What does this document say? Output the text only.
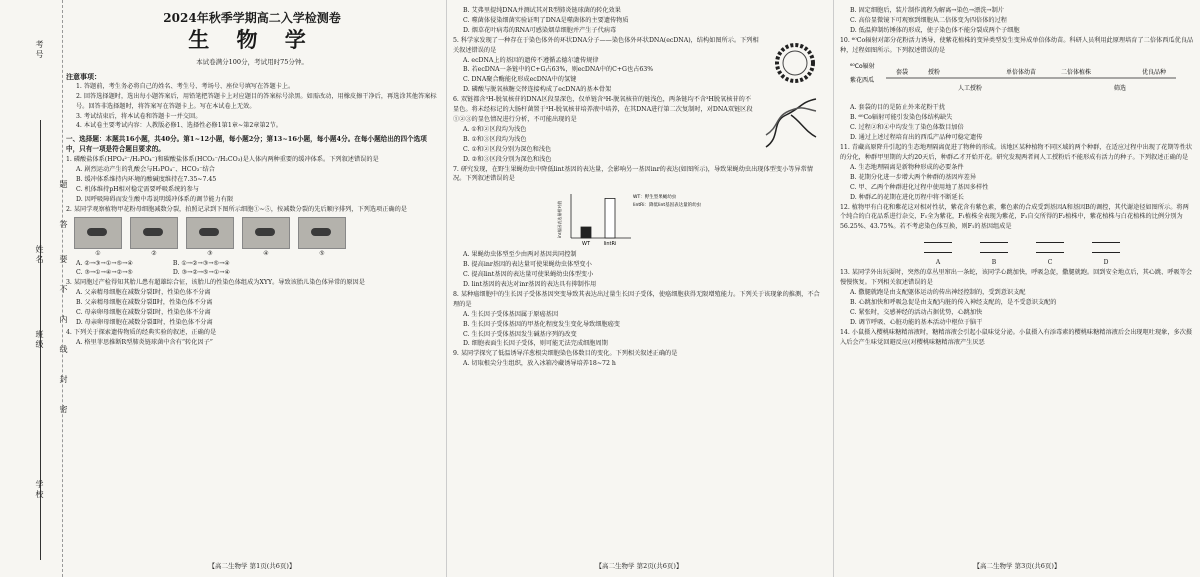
考号
题
姓名
答
要
不
内
线
封
密
班级
学校
2024年秋季学期高二入学检测卷
生 物 学
本试卷满分100分，考试用时75分钟。
注意事项：
1. 答题前，考生务必将自己的姓名、考生号、考场号、座位号填写在答题卡上。
2. 回答选择题时，选出每小题答案后，用铅笔把答题卡上对应题目的答案标号涂黑。如需改动，用橡皮擦干净后，再选涂其他答案标号。回答非选择题时，将答案写在答题卡上。写在本试卷上无效。
3. 考试结束后，将本试卷和答题卡一并交回。
4. 本试卷主要考试内容：人教版必修1、选择性必修1第1章~第2章第2节。
一、选择题：本题共16小题，共40分。第1~12小题，每小题2分；第13~16小题，每小题4分。在每小题给出的四个选项中，只有一项是符合题目要求的。
1. 磷酸盐体系(HPO₄²⁻/H₂PO₄⁻)和碳酸盐体系(HCO₃⁻/H₂CO₃)是人体内两种重要的缓冲体系。下列叙述错误的是
A. 剧烈运动产生的乳酸会与H₂PO₄⁻、HCO₃⁻结合
B. 缓冲体系维持内环境的酸碱度维持在7.35~7.45
C. 机体维持pH相对稳定需要呼吸系统的参与
D. 因呼吸障碍而发生酸中毒说明缓冲体系的调节能力有限
2. 某同学观察植物甲花粉母细胞减数分裂，拍照记录到下图所示细胞①~⑤，按减数分裂的先后顺序排列，下列选项正确的是
①	②	③	④	⑤
A. ②→③→①→⑤→④	B. ①→②→③→⑤→④
C. ③→①→④→②→⑤	D. ③→②→⑤→①→④
3. 某同胞过产检得知其胎儿患有超雄综合征，该胎儿的性染色体组成为XYY。导致该胎儿染色体异常的原因是
A. 父亲精母细胞在减数分裂Ⅰ时，性染色体不分离
B. 父亲精母细胞在减数分裂Ⅱ时，性染色体不分离
C. 母亲卵母细胞在减数分裂Ⅰ时，性染色体不分离
D. 母亲卵母细胞在减数分裂Ⅱ时，性染色体不分离
4. 下列关于探索遗传物质的经典实验的叙述，正确的是
A. 格里菲思推断R型肺炎链球菌中含有“转化因子”
【高二生物学 第1页(共6页)】
B. 艾弗里提纯DNA并测试其对R型肺炎链球菌的转化效果
C. 噬菌体侵染细菌实验证明了DNA是噬菌体的主要遗传物质
D. 烟草花叶病毒的RNA可感染烟草细胞并产生子代病毒
5. 科学家发现了一种存在于染色体外的环状DNA分子——染色体外环状DNA(ecDNA)，结构如图所示。下列相关叙述错误的是
A. ecDNA上的基因的遗传不遵循孟德尔遗传规律
B. 若ecDNA一条链中的C+G占63%，则ecDNA中的C+G也占63%
C. DNA聚合酶能化形成ecDNA中的氢键
D. 磷酸与脱氧核糖交替连接构成了ecDNA的基本骨架
6. 双链都含³H-脱氧核苷的DNA区段显深色，仅单链含³H-脱氧核苷的链浅色，两条链均不含³H脱氧核苷的不显色。将未经标记的大肠杆菌置于³H-脱氧核苷培养液中培养，在其DNA进行第二次复制时，对DNA双链区段①②③的显色情况进行分析，不可能出现的是
A. ①和②区段均为浅色
B. ①和③区段均为浅色
C. ①和②区段分别为深色和浅色
D. ②和③区段分别为深色和浅色
7. 研究发现，在野生果蝇幼虫中降低lint基因的表达量，会影响另一基因inr的表达(如图所示)，导致果蝇幼虫出现体型变小等异常情况。下列叙述错误的是
inr基因表达量相对值
WT	lintRi
WT：野生型果蝇幼虫
lintRi：降低lint基因表达量的幼虫
A. 果蝇幼虫体型至少由两对基因共同控制
B. 提高inr基因的表达量可使果蝇幼虫体型变小
C. 提高lint基因的表达量可使果蝇幼虫体型变小
D. lint基因的表达对inr基因的表达具有抑制作用
8. 某种癌细胞中的生长因子受体基因突变导致其表达出过量生长因子受体，使癌细胞获得无限增殖能力。下列关于该现象的推测，不合理的是
A. 生长因子受体基因属于原癌基因
B. 生长因子受体基因的甲基化程度发生变化导致细胞癌变
C. 生长因子受体基因发生碱基序列的改变
D. 细胞表面生长因子受体，则可能无法完成细胞周期
9. 某同学探究了低温诱导洋葱根尖细胞染色体数目的变化。下列相关叙述正确的是
A. 切取根尖分生组织，放入冰箱冷藏诱导培养18~72 h
【高二生物学 第2页(共6页)】
B. 固定细胞后，装片制作流程为解离→染色→漂洗→制片
C. 高倍显微镜下可观察到细胞从二倍体变为四倍体的过程
D. 低温抑制纺锤体的形成，使子染色体不能分裂成两个子细胞
10. ⁶⁰Co辐射对部分花粉活力诱导，使紫花植株的变异类型发生变异成单倍体幼苗。科研人员利用此原理培育了二倍体西瓜优良品种，过程如图所示。下列叙述错误的是
⁶⁰Co辐射
紫花西瓜
套袋	授粉
人工授粉
单倍体幼苗	二倍体植株
筛选
优良品种
A. 套袋的目的是防止外来花粉干扰
B. ⁶⁰Co辐射可能引发染色体结构缺失
C. 过程②和④中均发生了染色体数目加倍
D. 通过上述过程培育出的西瓜产品种可稳定遗传
11. 青藏高原降升引起的生态地理隔离促进了物种的形成。该地区某种植物不同区域的两个种群，在适应过程中出现了花期等性状的分化，种群甲里期的大约20天后，种群乙才开始开花。研究发现两者间人工授粉后不能形成有活力的种子。下列叙述正确的是
A. 生态地理隔离是新物种形成的必要条件
B. 花期分化进一步增大两个种群的基因库差异
C. 甲、乙两个种群进化过程中使用地了基因多样性
D. 种群乙的花期在进化历程中将不断延长
12. 植物甲有白花和紫花这对相对性状，紫花含有紫色素，紫色素的合成受到基因A和基因B的调控，其代谢途径如图所示。将两个纯合的白花品系进行杂交，F₁全为紫花，F₁植株全表现为紫花，F₁自交所得的F₂植株中，紫花植株与白花植株的比例分别为56.25%、43.75%。若不考虑染色体互换，则F₁的基因组成是
A	B	C	D
13. 某同学外出玩耍时，突然的草丛里窜出一条蛇，该同学心跳加快，呼吸急促，撒腿就跑。回到安全地点后，其心跳、呼吸等会慢慢恢复。下列相关叙述错误的是
A. 撒腿就跑是由支配躯体运动的传出神经控制的，受到意识支配
B. 心跳加快和呼吸急促是由支配内脏的传入神经支配的，是不受意识支配的
C. 紧张时，交感神经的活动占据优势，心跳加快
D. 调节呼吸、心脏功能的基本活动中枢位于脑干
14. 小鼠摄入樱桃味糖精溶液时，糖精溶液会引起小鼠味觉分泌。小鼠摄入有添毒素的樱桃味糖精溶液后会出现呕吐现象，多次摄入后会产生味觉回避反应(对樱桃味糖精溶液产生厌恶
【高二生物学 第3页(共6页)】
